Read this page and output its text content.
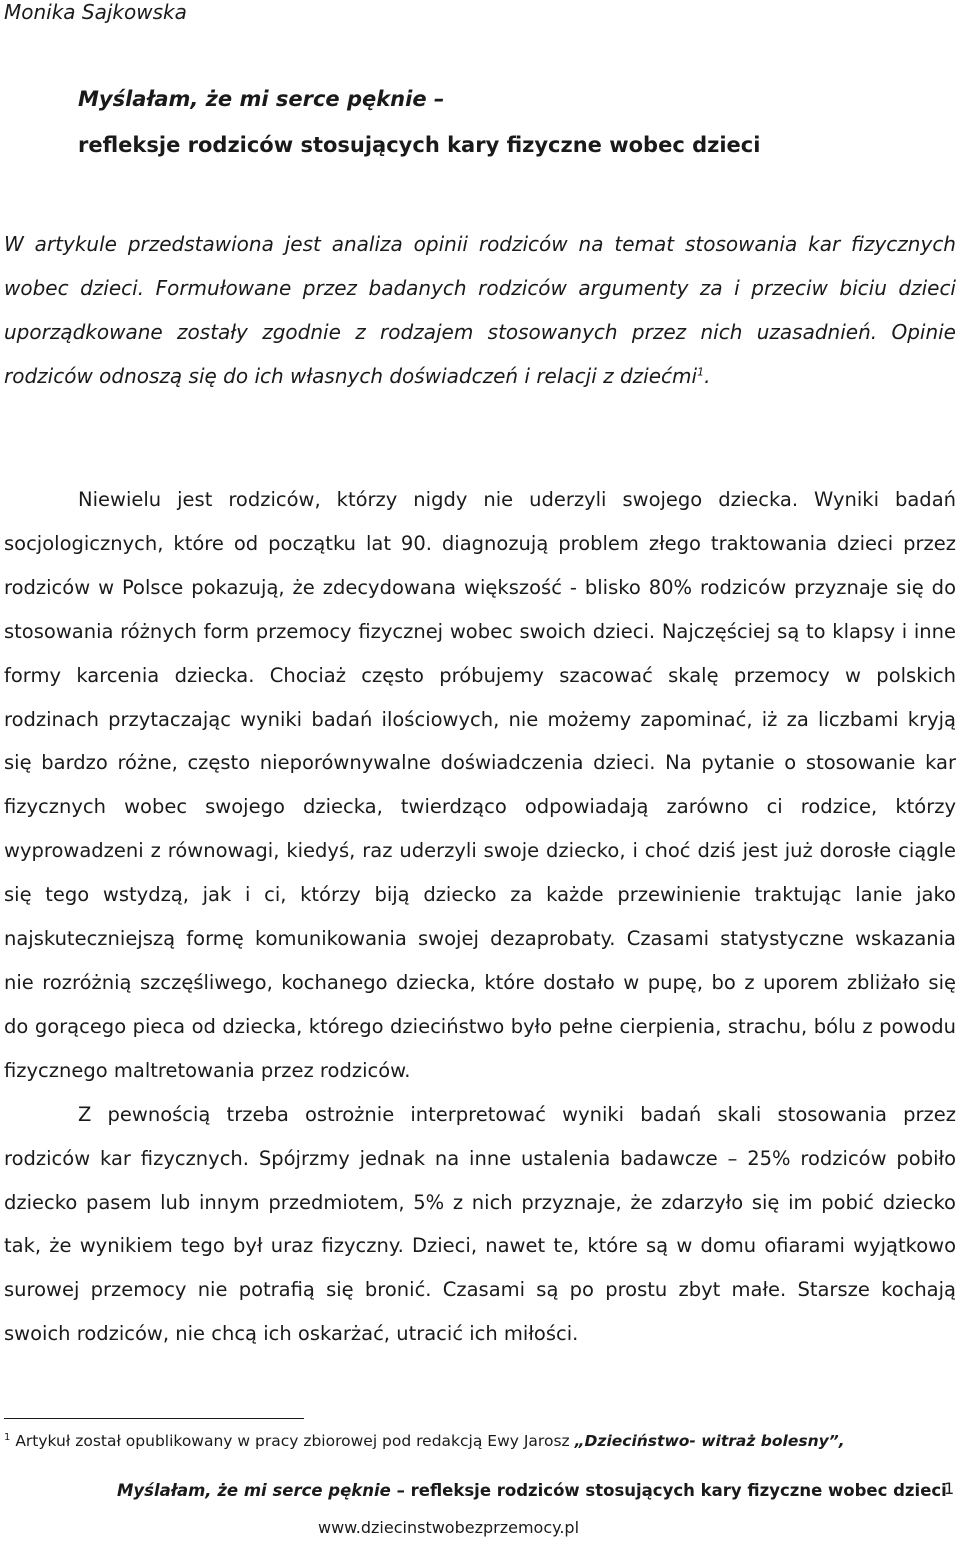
Monika Sajkowska
Myślałam, że mi serce pęknie –
refleksje rodziców stosujących kary fizyczne wobec dzieci
W artykule przedstawiona jest analiza opinii rodziców na temat stosowania kar fizycznych wobec dzieci. Formułowane przez badanych rodziców argumenty za i przeciw biciu dzieci uporządkowane zostały zgodnie z rodzajem stosowanych przez nich uzasadnień. Opinie rodziców odnoszą się do ich własnych doświadczeń i relacji z dziećmi$^1$.

Niewielu jest rodziców, którzy nigdy nie uderzyli swojego dziecka. Wyniki badań socjologicznych, które od początku lat 90. diagnozują problem złego traktowania dzieci przez rodziców w Polsce pokazują, że zdecydowana większość - blisko 80% rodziców przyznaje się do stosowania różnych form przemocy fizycznej wobec swoich dzieci. Najczęściej są to klapsy i inne formy karcenia dziecka. Chociaż często próbujemy szacować skalę przemocy w polskich rodzinach przytaczając wyniki badań ilościowych, nie możemy zapominać, iż za liczbami kryją się bardzo różne, często nieporównywalne doświadczenia dzieci. Na pytanie o stosowanie kar fizycznych wobec swojego dziecka, twierdząco odpowiadają zarówno ci rodzice, którzy wyprowadzeni z równowagi, kiedyś, raz uderzyli swoje dziecko, i choć dziś jest już dorosłe ciągle się tego wstydzą, jak i ci, którzy biją dziecko za każde przewinienie traktując lanie jako najskuteczniejszą formę komunikowania swojej dezaprobaty. Czasami statystyczne wskazania nie rozróżnią szczęśliwego, kochanego dziecka, które dostało w pupę, bo z uporem zbliżało się do gorącego pieca od dziecka, którego dzieciństwo było pełne cierpienia, strachu, bólu z powodu fizycznego maltretowania przez rodziców.

Z pewnością trzeba ostrożnie interpretować wyniki badań skali stosowania przez rodziców kar fizycznych. Spójrzmy jednak na inne ustalenia badawcze – 25% rodziców pobiło dziecko pasem lub innym przedmiotem, 5% z nich przyznaje, że zdarzyło się im pobić dziecko tak, że wynikiem tego był uraz fizyczny. Dzieci, nawet te, które są w domu ofiarami wyjątkowo surowej przemocy nie potrafią się bronić. Czasami są po prostu zbyt małe. Starsze kochają swoich rodziców, nie chcą ich oskarżać, utracić ich miłości.

$^1$ Artykuł został opublikowany w pracy zbiorowej pod redakcją Ewy Jarosz „Dzieciństwo- witraż bolesny”,
Myślałam, że mi serce pęknie – refleksje rodziców stosujących kary fizyczne wobec dzieci
1
www.dziecinstwobezprzemocy.pl
